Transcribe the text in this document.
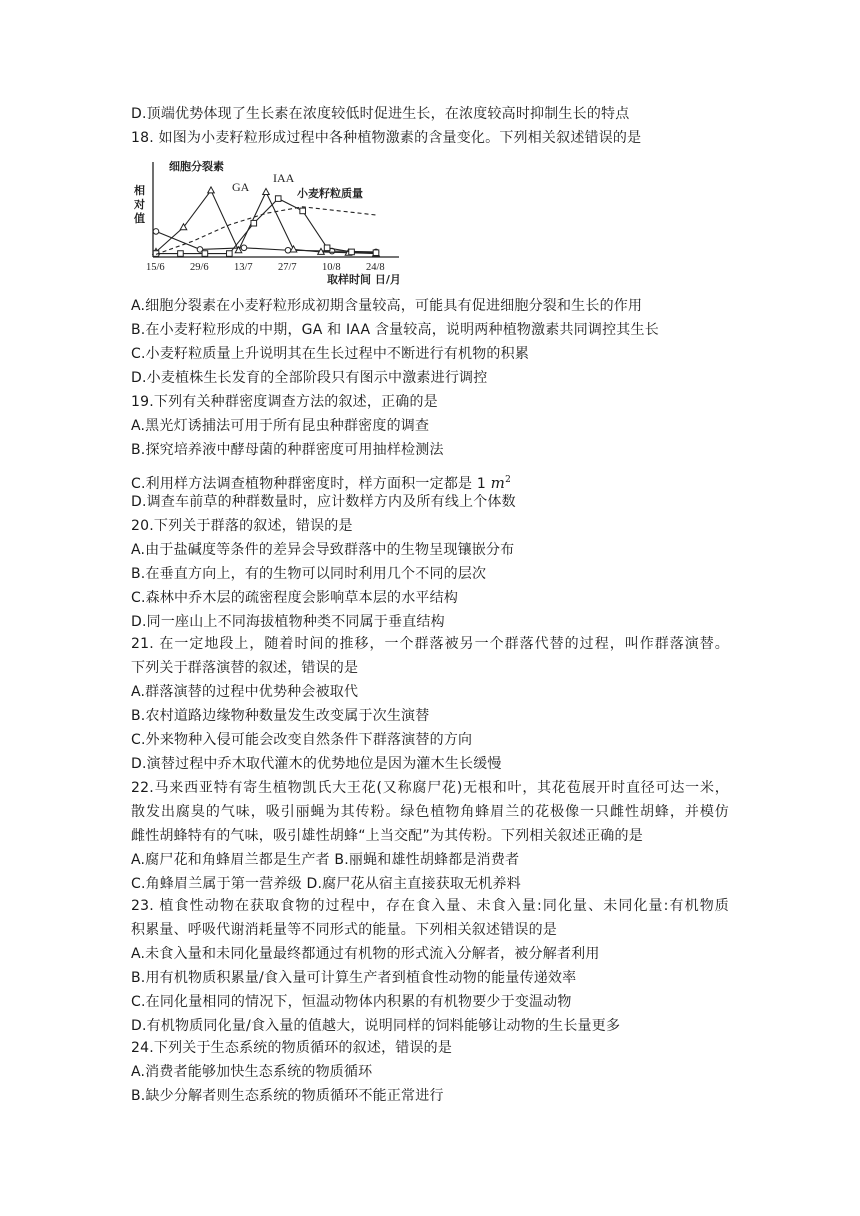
D.顶端优势体现了生长素在浓度较低时促进生长，在浓度较高时抑制生长的特点
18. 如图为小麦籽粒形成过程中各种植物激素的含量变化。下列相关叙述错误的是
细胞分裂素
GA
IAA
小麦籽粒质量
相
对
值
15/6 29/6 13/7 27/7 10/8 24/8
取样时间 日/月
A.细胞分裂素在小麦籽粒形成初期含量较高，可能具有促进细胞分裂和生长的作用
B.在小麦籽粒形成的中期，GA 和 IAA 含量较高，说明两种植物激素共同调控其生长
C.小麦籽粒质量上升说明其在生长过程中不断进行有机物的积累
D.小麦植株生长发育的全部阶段只有图示中激素进行调控
19.下列有关种群密度调查方法的叙述，正确的是
A.黑光灯诱捕法可用于所有昆虫种群密度的调查
B.探究培养液中酵母菌的种群密度可用抽样检测法
C.利用样方法调查植物种群密度时，样方面积一定都是 1 $m^2$
D.调查车前草的种群数量时，应计数样方内及所有线上个体数
20.下列关于群落的叙述，错误的是
A.由于盐碱度等条件的差异会导致群落中的生物呈现镶嵌分布
B.在垂直方向上，有的生物可以同时利用几个不同的层次
C.森林中乔木层的疏密程度会影响草本层的水平结构
D.同一座山上不同海拔植物种类不同属于垂直结构
21. 在一定地段上，随着时间的推移，一个群落被另一个群落代替的过程，叫作群落演替。
下列关于群落演替的叙述，错误的是
A.群落演替的过程中优势种会被取代
B.农村道路边缘物种数量发生改变属于次生演替
C.外来物种入侵可能会改变自然条件下群落演替的方向
D.演替过程中乔木取代灌木的优势地位是因为灌木生长缓慢
22.马来西亚特有寄生植物凯氏大王花(又称腐尸花)无根和叶，其花苞展开时直径可达一米，
散发出腐臭的气味，吸引丽蝇为其传粉。绿色植物角蜂眉兰的花极像一只雌性胡蜂，并模仿
雌性胡蜂特有的气味，吸引雄性胡蜂“上当交配”为其传粉。下列相关叙述正确的是
A.腐尸花和角蜂眉兰都是生产者 B.丽蝇和雄性胡蜂都是消费者
C.角蜂眉兰属于第一营养级 D.腐尸花从宿主直接获取无机养料
23. 植食性动物在获取食物的过程中，存在食入量、未食入量:同化量、未同化量:有机物质
积累量、呼吸代谢消耗量等不同形式的能量。下列相关叙述错误的是
A.未食入量和未同化量最终都通过有机物的形式流入分解者，被分解者利用
B.用有机物质积累量/食入量可计算生产者到植食性动物的能量传递效率
C.在同化量相同的情况下，恒温动物体内积累的有机物要少于变温动物
D.有机物质同化量/食入量的值越大，说明同样的饲料能够让动物的生长量更多
24.下列关于生态系统的物质循环的叙述，错误的是
A.消费者能够加快生态系统的物质循环
B.缺少分解者则生态系统的物质循环不能正常进行
